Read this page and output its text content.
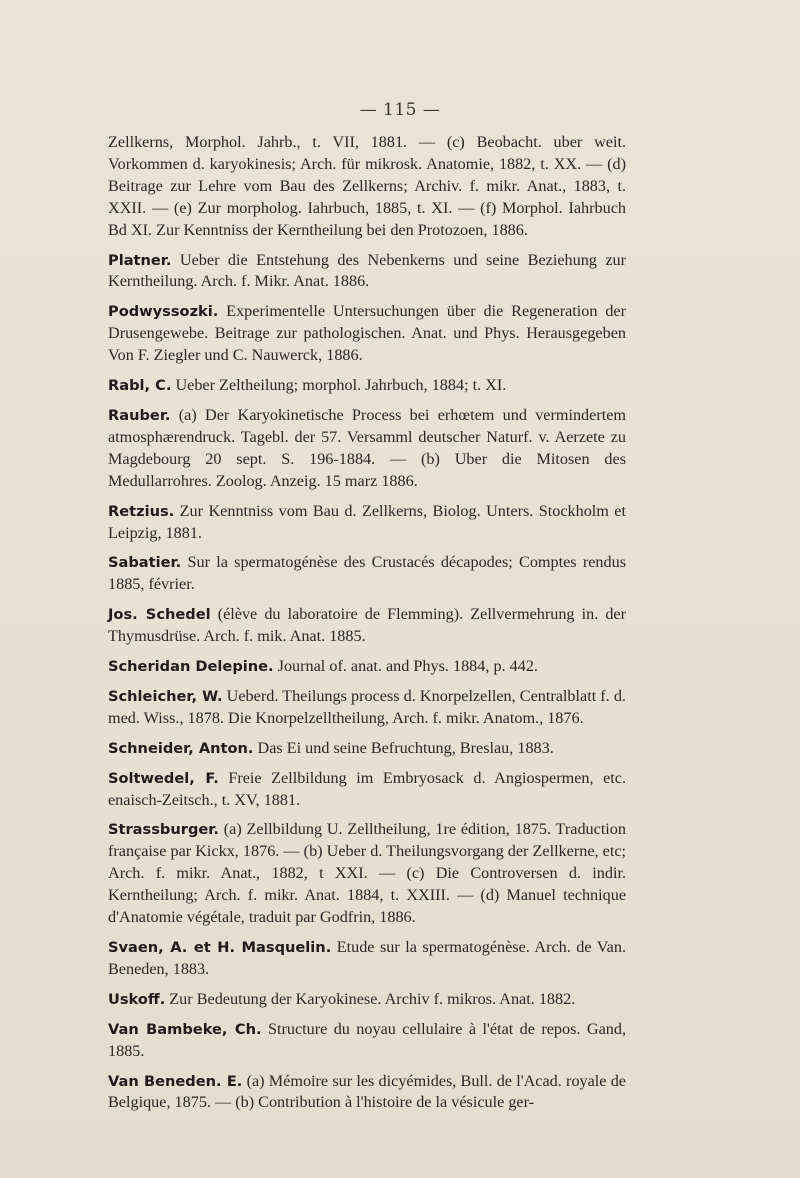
— 115 —

Zellkerns, Morphol. Jahrb., t. VII, 1881. — (c) Beobacht. uber weit. Vorkommen d. karyokinesis; Arch. für mikrosk. Anatomie, 1882, t. XX. — (d) Beitrage zur Lehre vom Bau des Zellkerns; Archiv. f. mikr. Anat., 1883, t. XXII. — (e) Zur morpholog. Iahrbuch, 1885, t. XI. — (f) Morphol. Iahrbuch Bd XI. Zur Kenntniss der Kerntheilung bei den Protozoen, 1886.

Platner. Ueber die Entstehung des Nebenkerns und seine Beziehung zur Kerntheilung. Arch. f. Mikr. Anat. 1886.

Podwyssozki. Experimentelle Untersuchungen über die Regeneration der Drusengewebe. Beitrage zur pathologischen. Anat. und Phys. Herausgegeben Von F. Ziegler und C. Nauwerck, 1886.

Rabl, C. Ueber Zeltheilung; morphol. Jahrbuch, 1884; t. XI.

Rauber. (a) Der Karyokinetische Process bei erhœtem und vermindertem atmosphærendruck. Tagebl. der 57. Versamml deutscher Naturf. v. Aerzete zu Magdebourg 20 sept. S. 196-1884. — (b) Uber die Mitosen des Medullarrohres. Zoolog. Anzeig. 15 marz 1886.

Retzius. Zur Kenntniss vom Bau d. Zellkerns, Biolog. Unters. Stockholm et Leipzig, 1881.

Sabatier. Sur la spermatogénèse des Crustacés décapodes; Comptes rendus 1885, février.

Jos. Schedel (élève du laboratoire de Flemming). Zellvermehrung in. der Thymusdrüse. Arch. f. mik. Anat. 1885.

Scheridan Delepine. Journal of. anat. and Phys. 1884, p. 442.

Schleicher, W. Ueberd. Theilungs process d. Knorpelzellen, Centralblatt f. d. med. Wiss., 1878. Die Knorpelzelltheilung, Arch. f. mikr. Anatom., 1876.

Schneider, Anton. Das Ei und seine Befruchtung, Breslau, 1883.

Soltwedel, F. Freie Zellbildung im Embryosack d. Angiospermen, etc. enaisch-Zeitsch., t. XV, 1881.

Strassburger. (a) Zellbildung U. Zelltheilung, 1re édition, 1875. Traduction française par Kickx, 1876. — (b) Ueber d. Theilungsvorgang der Zellkerne, etc; Arch. f. mikr. Anat., 1882, t XXI. — (c) Die Controversen d. indir. Kerntheilung; Arch. f. mikr. Anat. 1884, t. XXIII. — (d) Manuel technique d'Anatomie végétale, traduit par Godfrin, 1886.

Svaen, A. et H. Masquelin. Etude sur la spermatogénèse. Arch. de Van. Beneden, 1883.

Uskoff. Zur Bedeutung der Karyokinese. Archiv f. mikros. Anat. 1882.

Van Bambeke, Ch. Structure du noyau cellulaire à l'état de repos. Gand, 1885.

Van Beneden. E. (a) Mémoire sur les dicyémides, Bull. de l'Acad. royale de Belgique, 1875. — (b) Contribution à l'histoire de la vésicule ger-
